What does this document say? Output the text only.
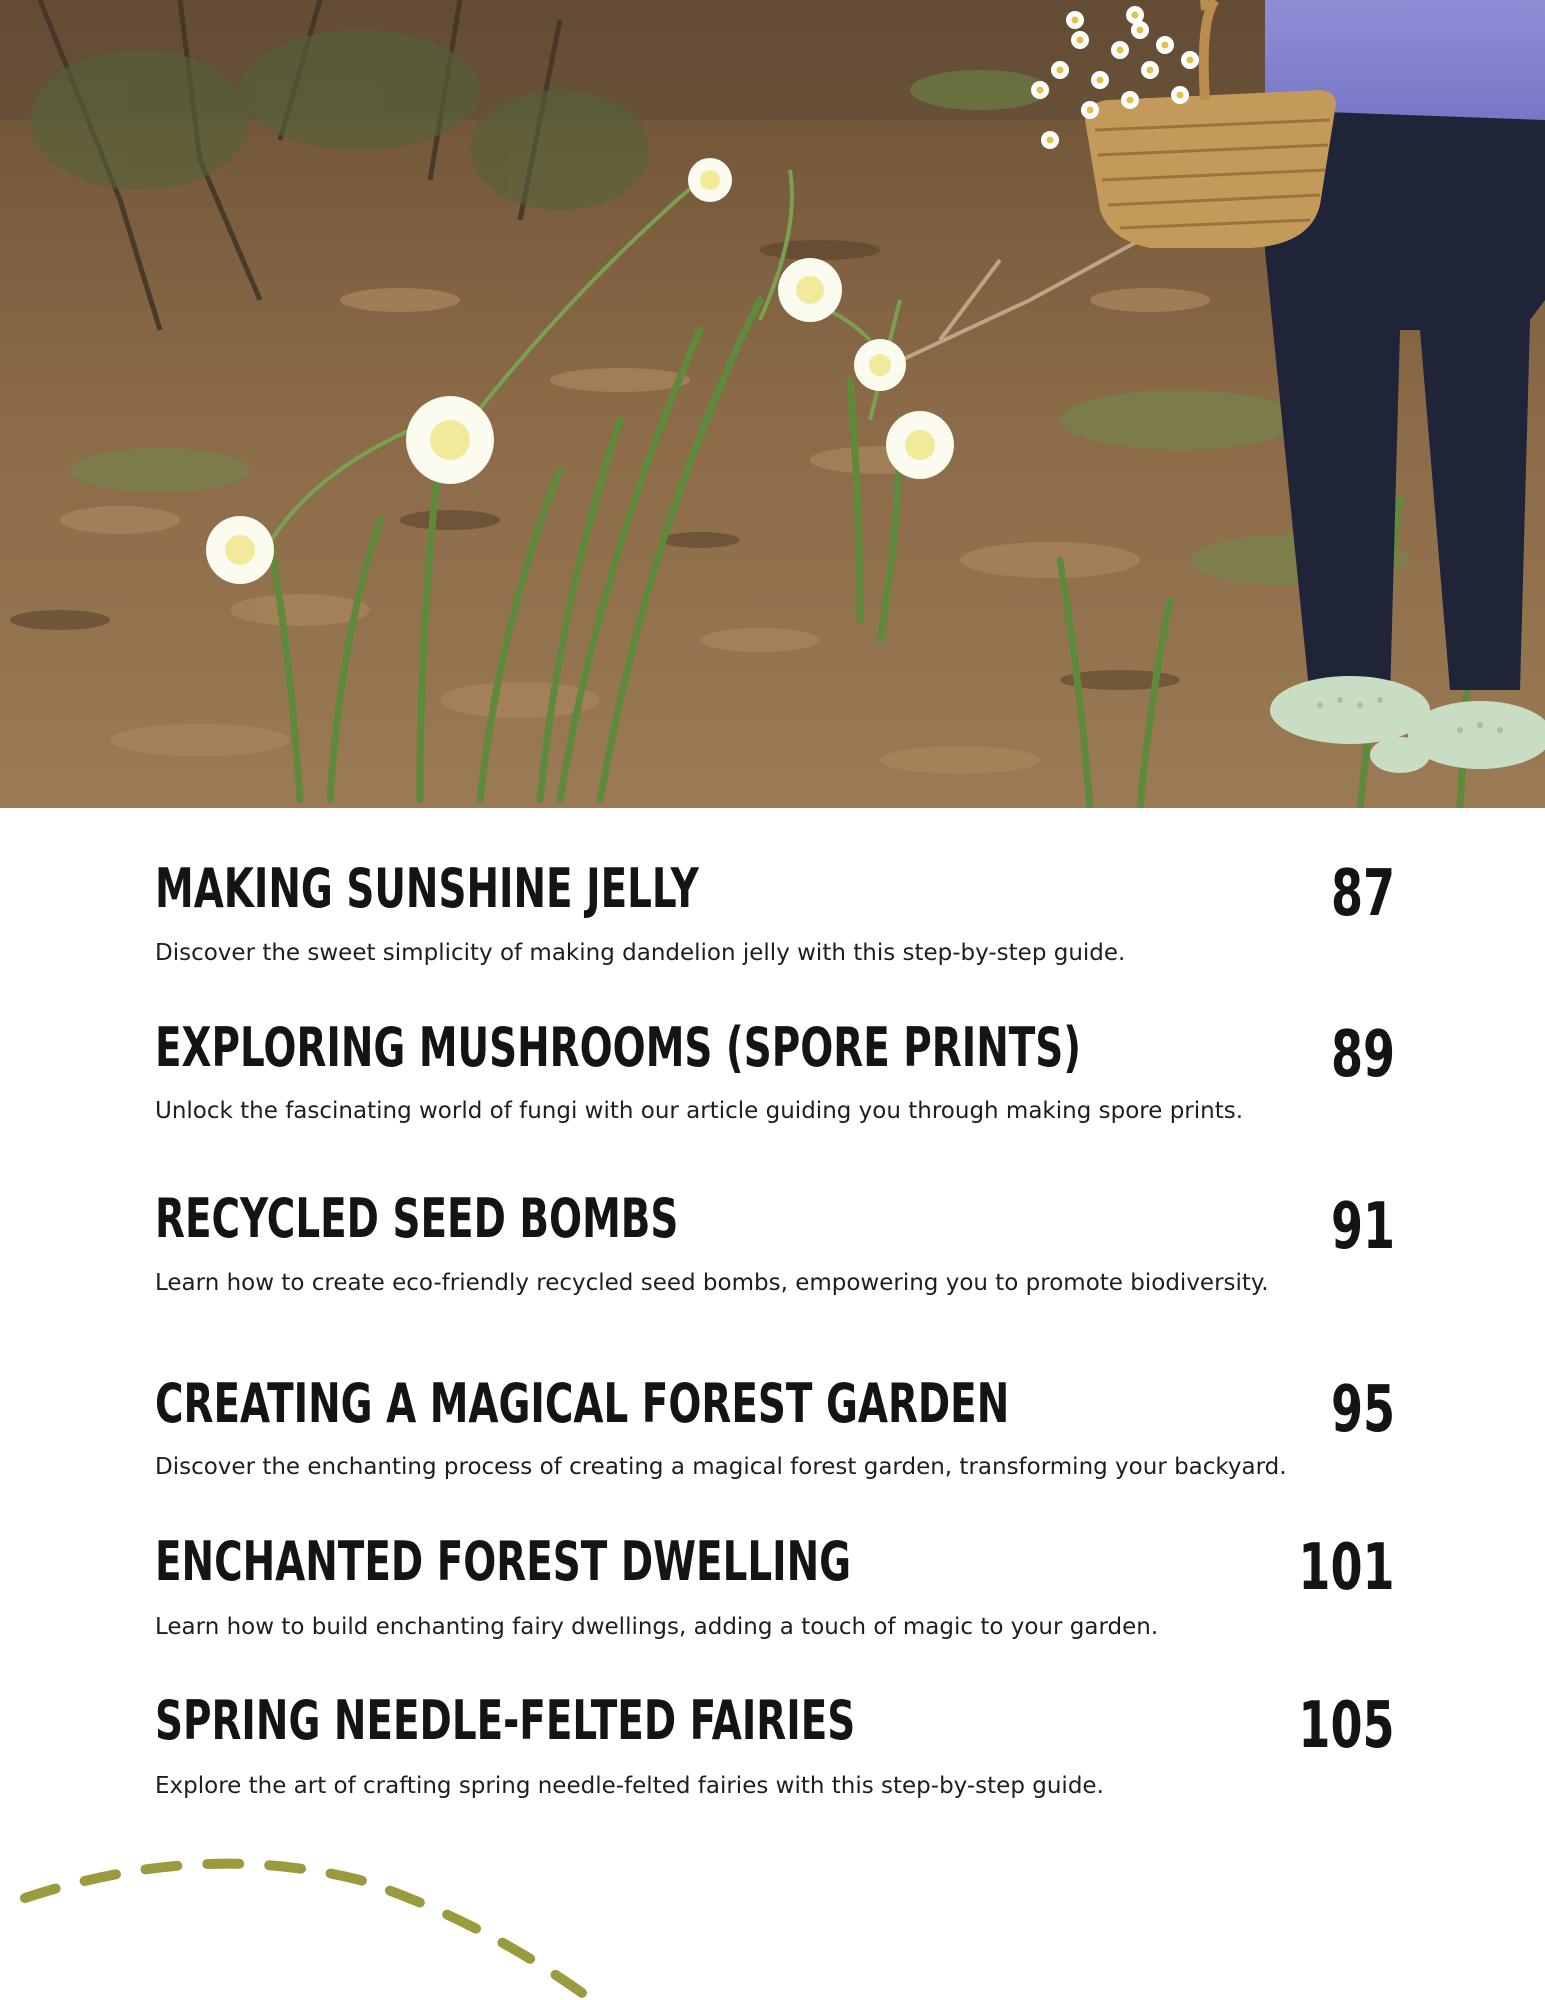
MAKING SUNSHINE JELLY	87

Discover the sweet simplicity of making dandelion jelly with this step-by-step guide.

EXPLORING MUSHROOMS (SPORE PRINTS)	89

Unlock the fascinating world of fungi with our article guiding you through making spore prints.

RECYCLED SEED BOMBS	91

Learn how to create eco-friendly recycled seed bombs, empowering you to promote biodiversity.

CREATING A MAGICAL FOREST GARDEN	95

Discover the enchanting process of creating a magical forest garden, transforming your backyard.

ENCHANTED FOREST DWELLING	101

Learn how to build enchanting fairy dwellings, adding a touch of magic to your garden.

SPRING NEEDLE-FELTED FAIRIES	105

Explore the art of crafting spring needle-felted fairies with this step-by-step guide.
